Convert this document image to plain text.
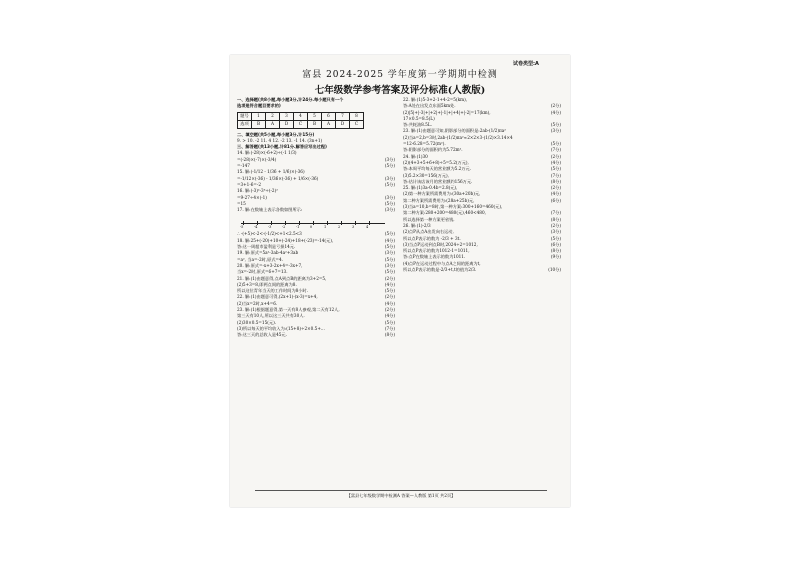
试卷类型:A
富县 2024-2025 学年度第一学期期中检测
七年级数学参考答案及评分标准(人教版)
一、选择题(共8小题,每小题3分,计24分.每小题只有一个
选项是符合题目要求的)
题号	1	2	3	4	5	6	7	8
选项	B	A	D	C	B	A	D	C
二、填空题(共5小题,每小题3分,计15分)
9. > 10. -2 11. 4 12. -2 13. -1 14. (3n+1)
三、解答题(共13小题,计81分.解答应写出过程)
14. 解:(-28)×(-6+2)÷(-1 1/3)
=(-28)×(-7)×(-3/4)	(3分)
=-147	(5分)
15. 解:(-1/12 - 1/36 + 1/6)×(-36)
=-1/12×(-36) - 1/36×(-36) + 1/6×(-36)	(3分)
=3+1-6=-2	(5分)
16. 解:(-3)²-3³÷(-2)²
=9-27÷4×(-1)	(3分)
=15	(5分)
17. 解:在数轴上表示各数如图所示:	(3分)
-5	-4	-3	-2	-1	0	1	2	3	4
∴ -(+5)<-2<-(-1/2)<+1<2.5<3	(5分)
18. 解:25+(-20)+10+(-24)+18+(-23)=-14(元),	(4分)
答:这一周超市盈利是亏损14元.	(5分)
19. 解:原式=5a²-3ab-4a²+3ab	(3分)
=a², 当a=-2时,原式=4.	(5分)
20. 解:原式=-x+3-2x+4=-3x+7,	(3分)
当x=-2时,原式=6+7=13.	(5分)
21. 解:(1)由题意得,点A到点B的距离为3+2=5,	(2分)
(2)5+3=8,即两点间的距离为8.	(4分)
所以这位青年当天的工作时间为8小时.	(5分)
22. 解:(1)由题意可得,(2x+1)-(x-3)=x+4,	(2分)
(2)当x=2时,x+4=6.	(4分)
23. 解:(1)根据题意得,第一天有8人参观,第二天有12人,	(2分)
第三天有10人,所以这三天共有30人.	(4分)
(2)30×0.5=15(元).	(5分)
(3)所以每天的平均收入为:(15+8)÷2×0.5+...	(7分)
答:这三天的总收入是45元.	(8分)
22. 解:(1)5-3+2-1+4-2=5(km),
答:A处在出发点东面5km处.	(2分)
(2)|5|+|-3|+|+2|+|-1|+|+4|+|-2|=17(km),	(4分)
17×0.5=8.5(L)
答:共耗油8.5L.	(5分)
23. 解:(1)由题意可知,阴影部分的面积是:2ab-(1/2)πa²	(3分)
(2)当a=2,b=3时,2ab-(1/2)πa²≈2×2×3-(1/2)×3.14×4
=12-6.28=5.72(m²).	(5分)
答:阴影部分的面积约为5.72m².	(7分)
24. 解:(1)30	(2分)
(2)(4+3+5+6+8)÷5=5.2(万元),	(4分)
答:本周平均每天的营业额为5.2万元.	(5分)
(3)5.2×30=156(万元),	(7分)
答:估计该店该月的营业额约156万元.	(8分)
25. 解:(1)3a-0.4b=2.8(元),	(2分)
(2)第一种方案所需费用为:(30a+20b)元,	(4分)
第二种方案所需费用为:(28a+25b)元,	(6分)
(3)当a=10,b=8时,第一种方案:300+160=460(元),
第二种方案:280+200=480(元),460<480,	(7分)
所以选择第一种方案更省钱.	(8分)
26. 解:(1)-2/3	(2分)
(2)点P从点A出发向右运动,	(3分)
所以点P表示的数为 -2/3 + 3t.	(5分)
(3)当点P运动到点B时,2024÷2=1012,	(6分)
所以点P表示的数为1012-1=1011,	(8分)
答:点P在数轴上表示的数为1011.	(9分)
(4)点P在运动过程中与点A之间的距离为t,
所以点P表示的数是-2/3+t,t的值为2/3.	(10分)
【富县七年级数学期中检测A 答案—人教版 第1页 共2页】
